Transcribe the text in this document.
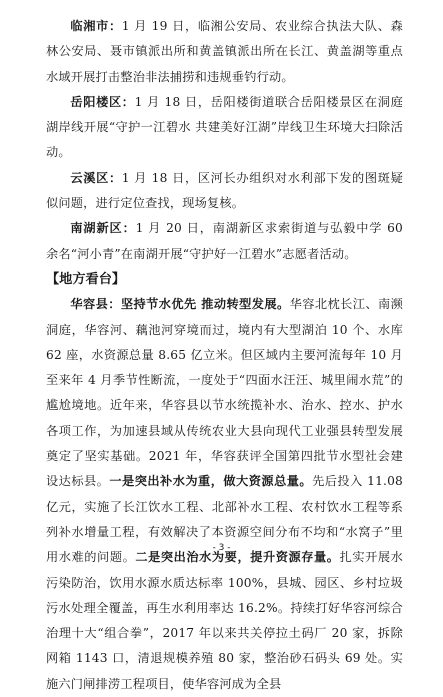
临湘市：1 月 19 日，临湘公安局、农业综合执法大队、森林公安局、聂市镇派出所和黄盖镇派出所在长江、黄盖湖等重点水域开展打击整治非法捕捞和违规垂钓行动。

岳阳楼区：1 月 18 日，岳阳楼街道联合岳阳楼景区在洞庭湖岸线开展“守护一江碧水 共建美好江湖”岸线卫生环境大扫除活动。

云溪区：1 月 18 日，区河长办组织对水利部下发的图斑疑似问题，进行定位查找，现场复核。

南湖新区：1 月 20 日，南湖新区求索街道与弘毅中学 60 余名“河小青”在南湖开展“守护好一江碧水”志愿者活动。

【地方看台】

华容县：坚持节水优先 推动转型发展。华容北枕长江、南濒洞庭，华容河、藕池河穿境而过，境内有大型湖泊 10 个、水库 62 座，水资源总量 8.65 亿立米。但区域内主要河流每年 10 月至来年 4 月季节性断流，一度处于“四面水汪汪、城里闹水荒”的尴尬境地。近年来，华容县以节水统揽补水、治水、控水、护水各项工作，为加速县域从传统农业大县向现代工业强县转型发展奠定了坚实基础。2021 年，华容获评全国第四批节水型社会建设达标县。一是突出补水为重，做大资源总量。先后投入 11.08 亿元，实施了长江饮水工程、北部补水工程、农村饮水工程等系列补水增量工程，有效解决了本资源空间分布不均和“水窝子”里用水难的问题。二是突出治水为要，提升资源存量。扎实开展水污染防治，饮用水源水质达标率 100%，县城、园区、乡村垃圾污水处理全覆盖，再生水利用率达 16.2%。持续打好华容河综合治理十大“组合拳”，2017 年以来共关停拉土码厂 20 家，拆除网箱 1143 口，清退规模养殖 80 家，整治砂石码头 69 处。实施六门闸排涝工程项目，使华容河成为全县

- 3 -
